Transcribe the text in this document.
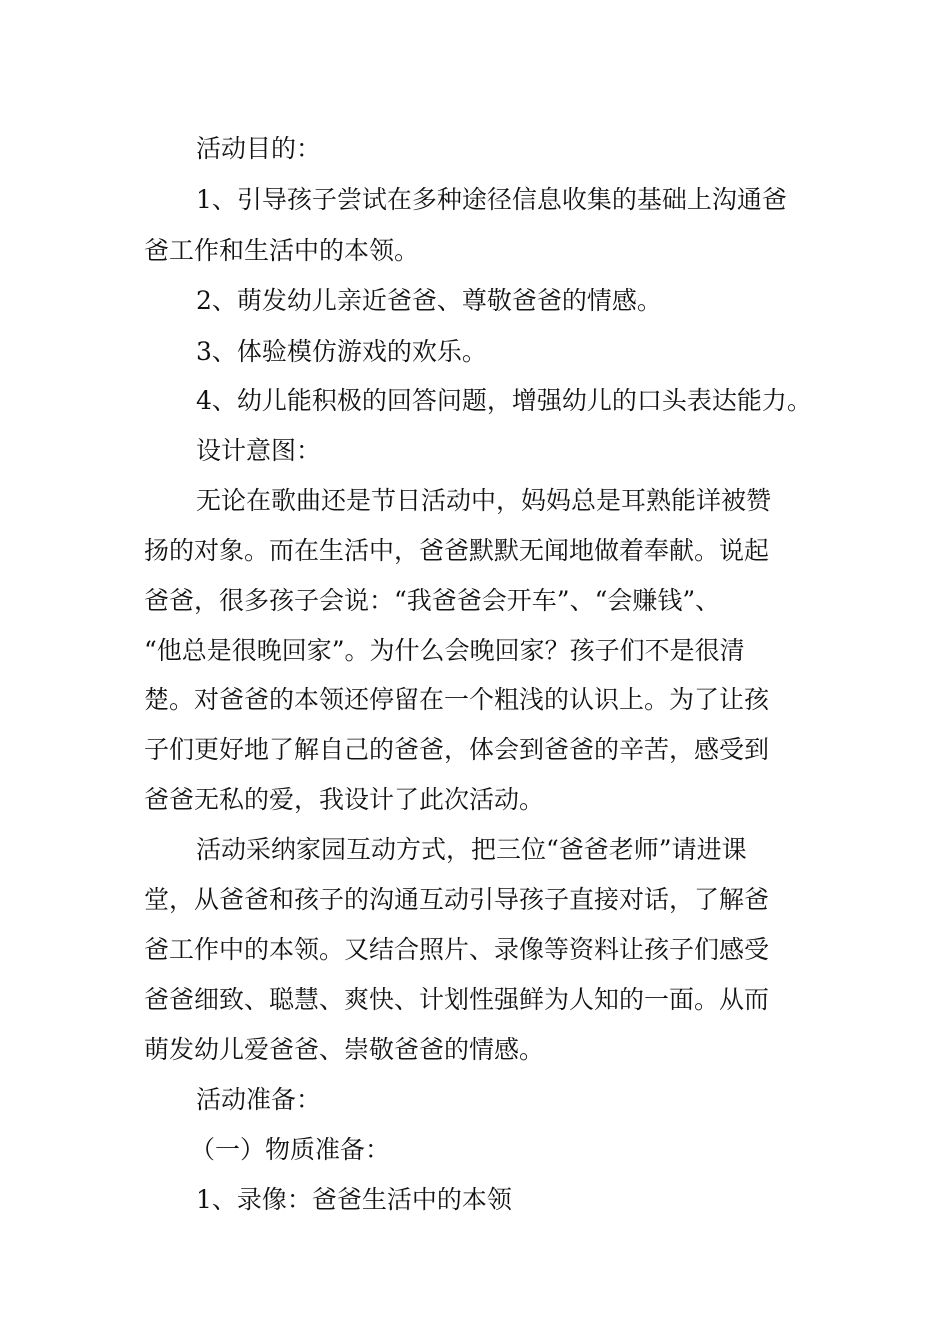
活动目的：

1、引导孩子尝试在多种途径信息收集的基础上沟通爸

爸工作和生活中的本领。

2、萌发幼儿亲近爸爸、尊敬爸爸的情感。

3、体验模仿游戏的欢乐。

4、幼儿能积极的回答问题，增强幼儿的口头表达能力。

设计意图：

无论在歌曲还是节日活动中，妈妈总是耳熟能详被赞

扬的对象。而在生活中，爸爸默默无闻地做着奉献。说起

爸爸，很多孩子会说：“我爸爸会开车”、“会赚钱”、

“他总是很晚回家”。为什么会晚回家？孩子们不是很清

楚。对爸爸的本领还停留在一个粗浅的认识上。为了让孩

子们更好地了解自己的爸爸，体会到爸爸的辛苦，感受到

爸爸无私的爱，我设计了此次活动。

活动采纳家园互动方式，把三位“爸爸老师”请进课

堂，从爸爸和孩子的沟通互动引导孩子直接对话，了解爸

爸工作中的本领。又结合照片、录像等资料让孩子们感受

爸爸细致、聪慧、爽快、计划性强鲜为人知的一面。从而

萌发幼儿爱爸爸、崇敬爸爸的情感。

活动准备：

（一）物质准备：

1、录像：爸爸生活中的本领
